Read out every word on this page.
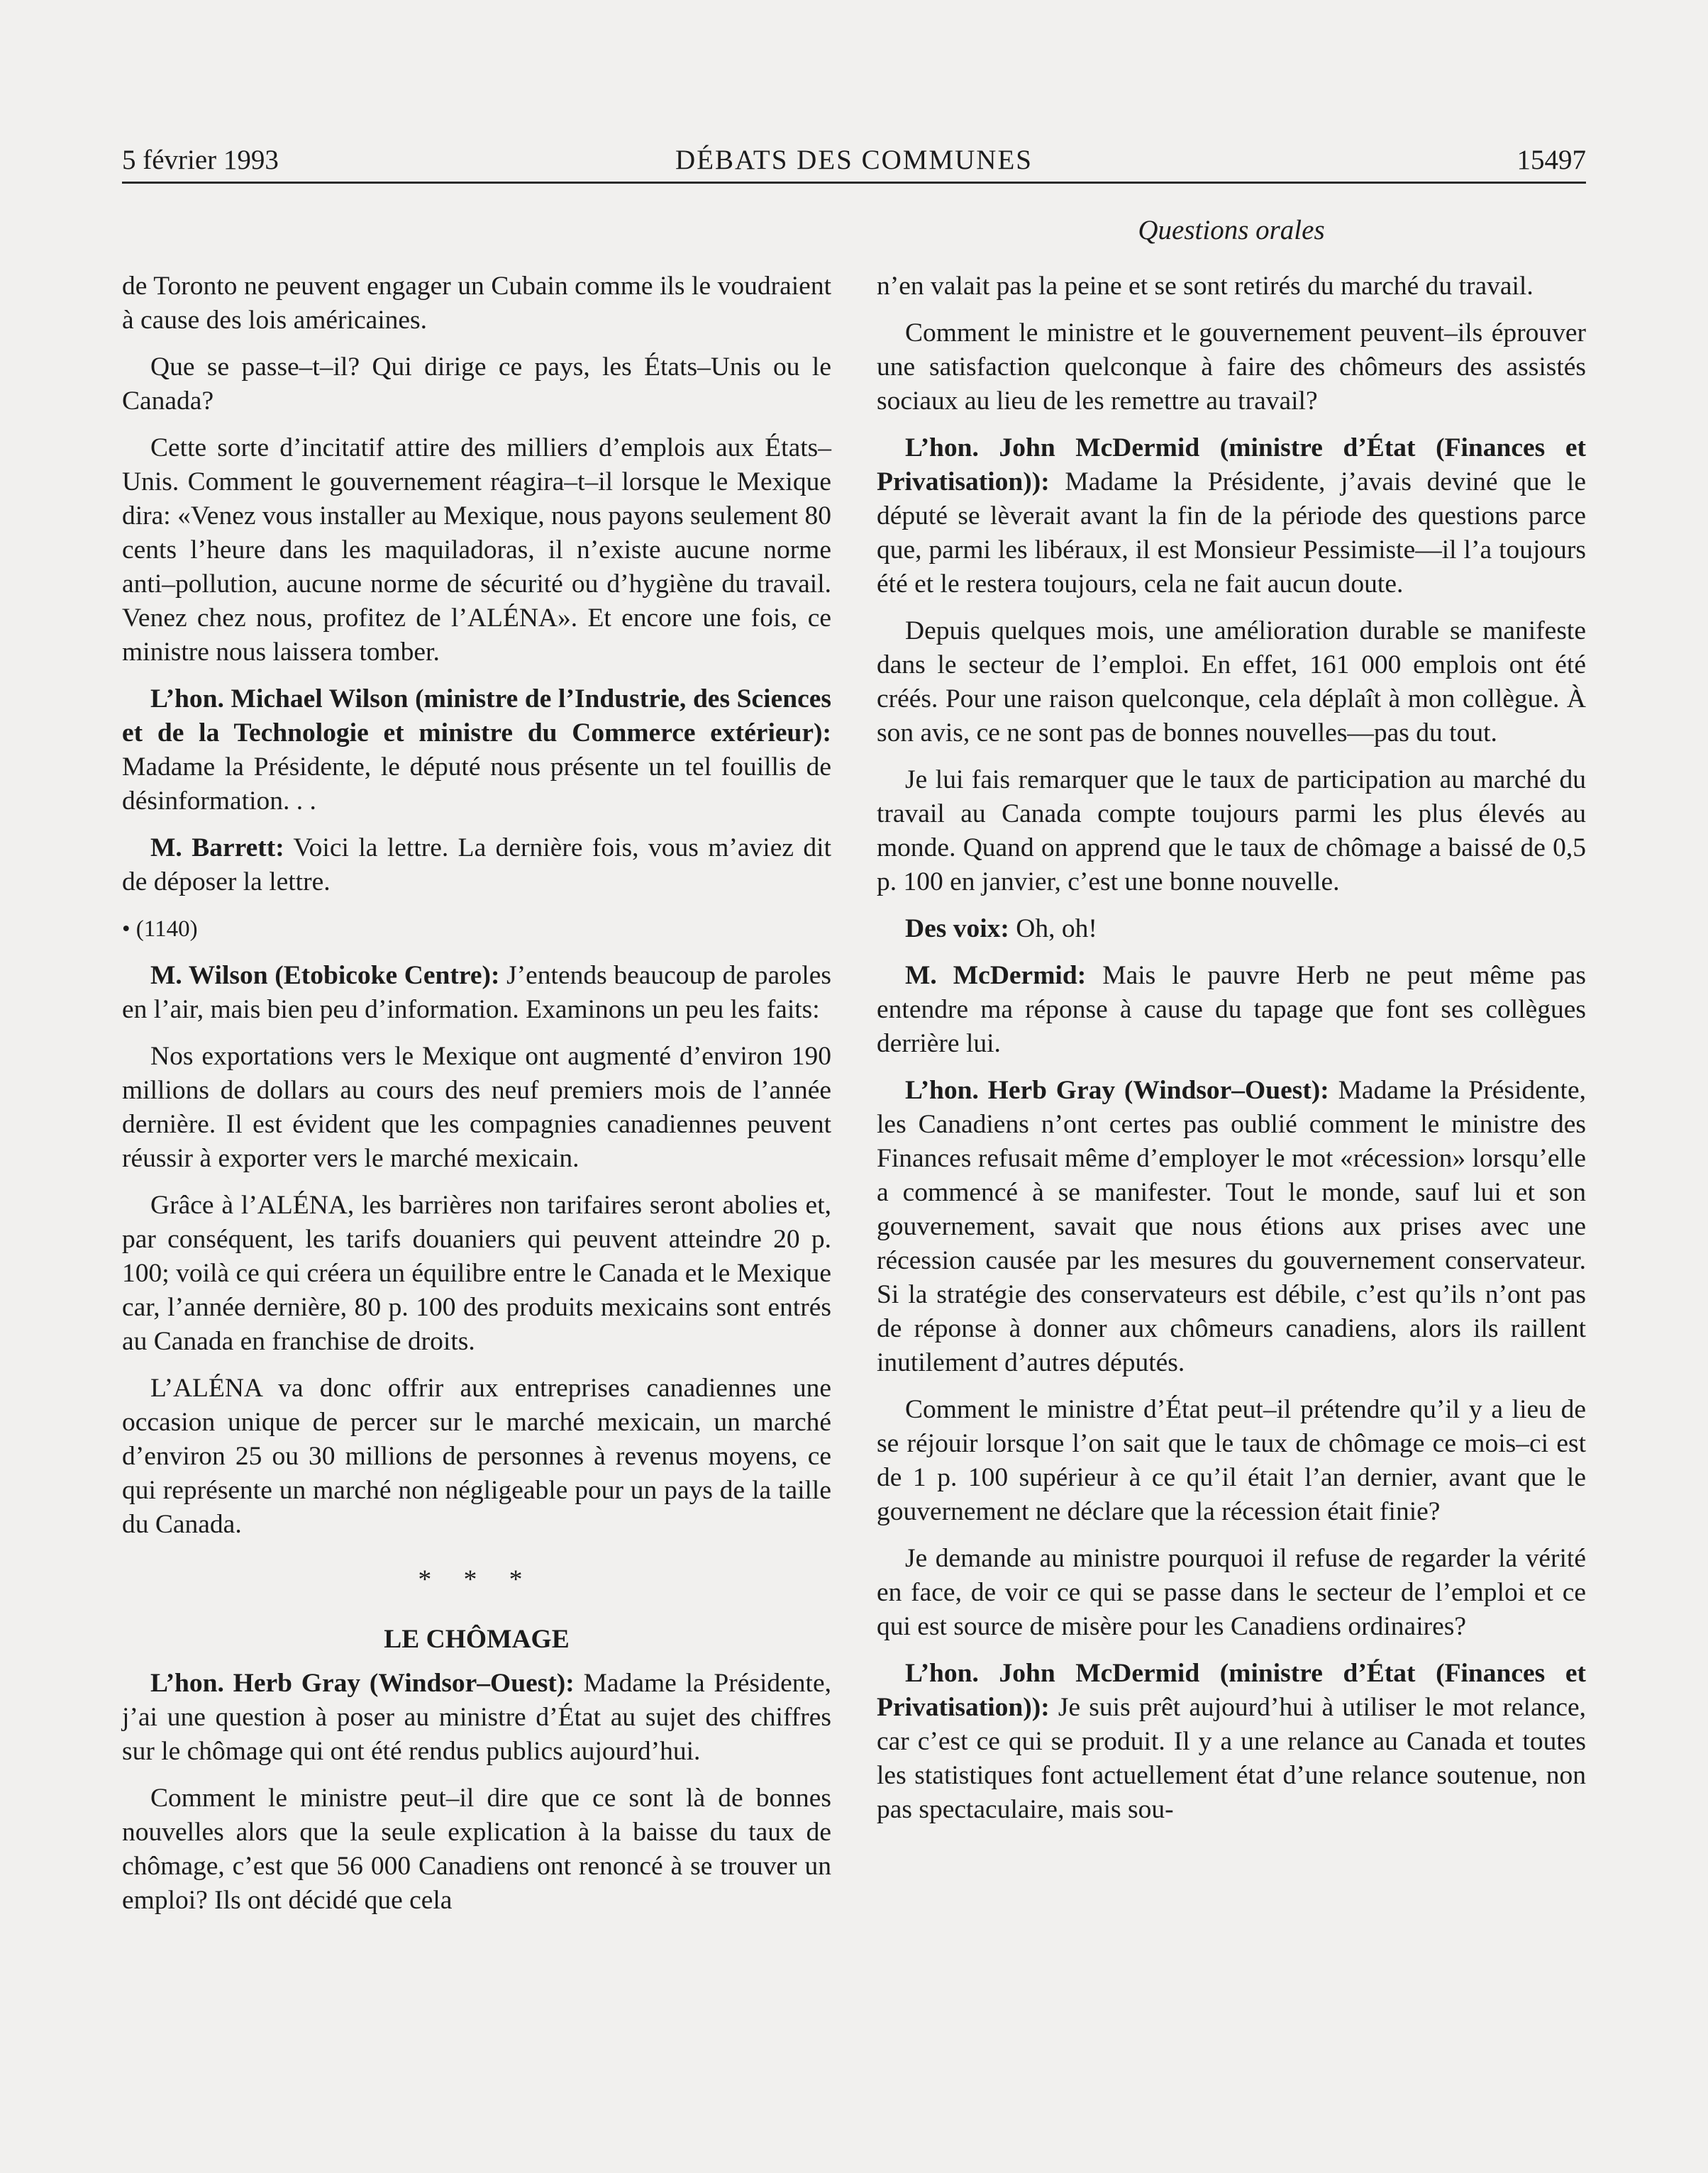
5 février 1993	DÉBATS DES COMMUNES	15497
Questions orales

de Toronto ne peuvent engager un Cubain comme ils le voudraient à cause des lois américaines.

Que se passe–t–il? Qui dirige ce pays, les États–Unis ou le Canada?

Cette sorte d’incitatif attire des milliers d’emplois aux États–Unis. Comment le gouvernement réagira–t–il lorsque le Mexique dira: «Venez vous installer au Mexique, nous payons seulement 80 cents l’heure dans les maquiladoras, il n’existe aucune norme anti–pollution, aucune norme de sécurité ou d’hygiène du travail. Venez chez nous, profitez de l’ALÉNA». Et encore une fois, ce ministre nous laissera tomber.

L’hon. Michael Wilson (ministre de l’Industrie, des Sciences et de la Technologie et ministre du Commerce extérieur): Madame la Présidente, le député nous présente un tel fouillis de désinformation. . .

M. Barrett: Voici la lettre. La dernière fois, vous m’aviez dit de déposer la lettre.

• (1140)

M. Wilson (Etobicoke Centre): J’entends beaucoup de paroles en l’air, mais bien peu d’information. Examinons un peu les faits:

Nos exportations vers le Mexique ont augmenté d’environ 190 millions de dollars au cours des neuf premiers mois de l’année dernière. Il est évident que les compagnies canadiennes peuvent réussir à exporter vers le marché mexicain.

Grâce à l’ALÉNA, les barrières non tarifaires seront abolies et, par conséquent, les tarifs douaniers qui peuvent atteindre 20 p. 100; voilà ce qui créera un équilibre entre le Canada et le Mexique car, l’année dernière, 80 p. 100 des produits mexicains sont entrés au Canada en franchise de droits.

L’ALÉNA va donc offrir aux entreprises canadiennes une occasion unique de percer sur le marché mexicain, un marché d’environ 25 ou 30 millions de personnes à revenus moyens, ce qui représente un marché non négligeable pour un pays de la taille du Canada.

* * *

LE CHÔMAGE

L’hon. Herb Gray (Windsor–Ouest): Madame la Présidente, j’ai une question à poser au ministre d’État au sujet des chiffres sur le chômage qui ont été rendus publics aujourd’hui.

Comment le ministre peut–il dire que ce sont là de bonnes nouvelles alors que la seule explication à la baisse du taux de chômage, c’est que 56 000 Canadiens ont renoncé à se trouver un emploi? Ils ont décidé que cela

n’en valait pas la peine et se sont retirés du marché du travail.

Comment le ministre et le gouvernement peuvent–ils éprouver une satisfaction quelconque à faire des chômeurs des assistés sociaux au lieu de les remettre au travail?

L’hon. John McDermid (ministre d’État (Finances et Privatisation)): Madame la Présidente, j’avais deviné que le député se lèverait avant la fin de la période des questions parce que, parmi les libéraux, il est Monsieur Pessimiste—il l’a toujours été et le restera toujours, cela ne fait aucun doute.

Depuis quelques mois, une amélioration durable se manifeste dans le secteur de l’emploi. En effet, 161 000 emplois ont été créés. Pour une raison quelconque, cela déplaît à mon collègue. À son avis, ce ne sont pas de bonnes nouvelles—pas du tout.

Je lui fais remarquer que le taux de participation au marché du travail au Canada compte toujours parmi les plus élevés au monde. Quand on apprend que le taux de chômage a baissé de 0,5 p. 100 en janvier, c’est une bonne nouvelle.

Des voix: Oh, oh!

M. McDermid: Mais le pauvre Herb ne peut même pas entendre ma réponse à cause du tapage que font ses collègues derrière lui.

L’hon. Herb Gray (Windsor–Ouest): Madame la Présidente, les Canadiens n’ont certes pas oublié comment le ministre des Finances refusait même d’employer le mot «récession» lorsqu’elle a commencé à se manifester. Tout le monde, sauf lui et son gouvernement, savait que nous étions aux prises avec une récession causée par les mesures du gouvernement conservateur. Si la stratégie des conservateurs est débile, c’est qu’ils n’ont pas de réponse à donner aux chômeurs canadiens, alors ils raillent inutilement d’autres députés.

Comment le ministre d’État peut–il prétendre qu’il y a lieu de se réjouir lorsque l’on sait que le taux de chômage ce mois–ci est de 1 p. 100 supérieur à ce qu’il était l’an dernier, avant que le gouvernement ne déclare que la récession était finie?

Je demande au ministre pourquoi il refuse de regarder la vérité en face, de voir ce qui se passe dans le secteur de l’emploi et ce qui est source de misère pour les Canadiens ordinaires?

L’hon. John McDermid (ministre d’État (Finances et Privatisation)): Je suis prêt aujourd’hui à utiliser le mot relance, car c’est ce qui se produit. Il y a une relance au Canada et toutes les statistiques font actuellement état d’une relance soutenue, non pas spectaculaire, mais sou-
